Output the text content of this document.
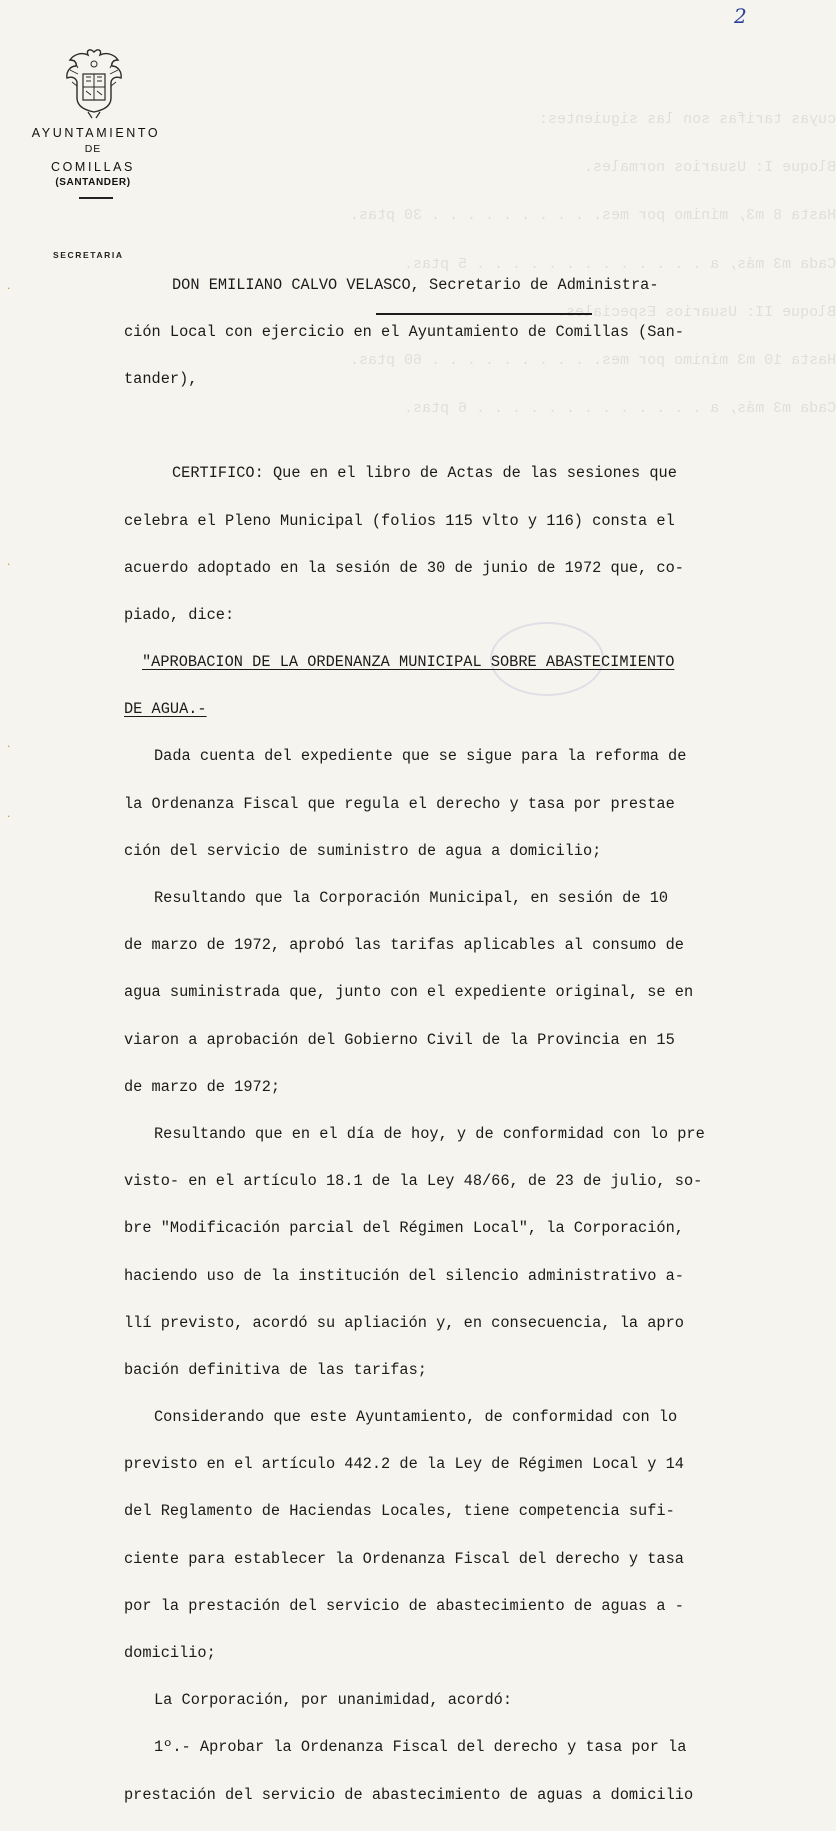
2
AYUNTAMIENTO
DE
COMILLAS
(SANTANDER)
SECRETARIA

cuyas tarifas son las siguientes:

Bloque I: Usuarios normales.

Hasta 8 m3, mínimo por mes. . . . . . . . . . 30 ptas.

Cada m3 más, a . . . . . . . . . . . . . 5 ptas.

Bloque II: Usuarios Especiales.

Hasta 10 m3 mínimo por mes. . . . . . . . . . 60 ptas.

Cada m3 más, a . . . . . . . . . . . . . 6 ptas.

·
·
·
·

DON EMILIANO CALVO VELASCO, Secretario de Administra-

ción Local con ejercicio en el Ayuntamiento de Comillas (San-

tander),

CERTIFICO: Que en el libro de Actas de las sesiones que

celebra el Pleno Municipal (folios 115 vlto y 116) consta el

acuerdo adoptado en la sesión de 30 de junio de 1972 que, co-

piado, dice:

"APROBACION DE LA ORDENANZA MUNICIPAL SOBRE ABASTECIMIENTO

DE AGUA.-

Dada cuenta del expediente que se sigue para la reforma de

la Ordenanza Fiscal que regula el derecho y tasa por prestae

ción del servicio de suministro de agua a domicilio;

Resultando que la Corporación Municipal, en sesión de 10

de marzo de 1972, aprobó las tarifas aplicables al consumo de

agua suministrada que, junto con el expediente original, se en

viaron a aprobación del Gobierno Civil de la Provincia en 15

de marzo de 1972;

Resultando que en el día de hoy, y de conformidad con lo pre

visto- en el artículo 18.1 de la Ley 48/66, de 23 de julio, so-

bre "Modificación parcial del Régimen Local", la Corporación,

haciendo uso de la institución del silencio administrativo a-

llí previsto, acordó su apliación y, en consecuencia, la apro

bación definitiva de las tarifas;

Considerando que este Ayuntamiento, de conformidad con lo

previsto en el artículo 442.2 de la Ley de Régimen Local y 14

del Reglamento de Haciendas Locales, tiene competencia sufi-

ciente para establecer la Ordenanza Fiscal del derecho y tasa

por la prestación del servicio de abastecimiento de aguas a -

domicilio;

La Corporación, por unanimidad, acordó:

1º.- Aprobar la Ordenanza Fiscal del derecho y tasa por la

prestación del servicio de abastecimiento de aguas a domicilio
